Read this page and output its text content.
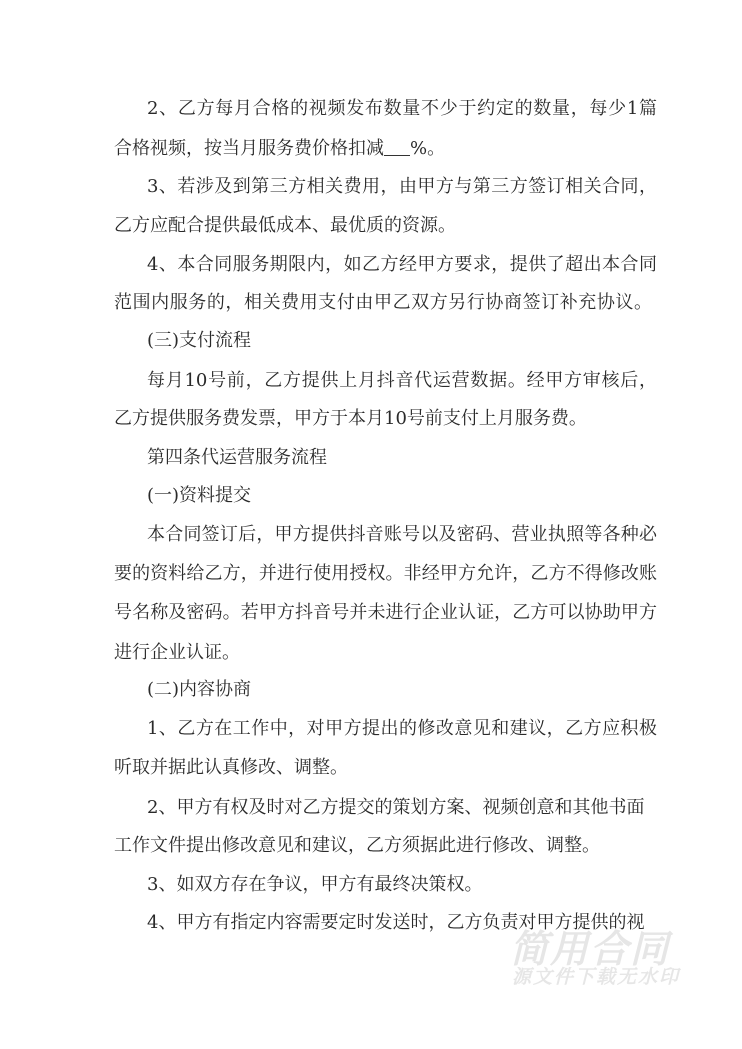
2、乙方每月合格的视频发布数量不少于约定的数量，每少1篇
合格视频，按当月服务费价格扣减 %。
3、若涉及到第三方相关费用，由甲方与第三方签订相关合同，
乙方应配合提供最低成本、最优质的资源。
4、本合同服务期限内，如乙方经甲方要求，提供了超出本合同
范围内服务的，相关费用支付由甲乙双方另行协商签订补充协议。
(三)支付流程
每月10号前，乙方提供上月抖音代运营数据。经甲方审核后，
乙方提供服务费发票，甲方于本月10号前支付上月服务费。
第四条代运营服务流程
(一)资料提交
本合同签订后，甲方提供抖音账号以及密码、营业执照等各种必
要的资料给乙方，并进行使用授权。非经甲方允许，乙方不得修改账
号名称及密码。若甲方抖音号并未进行企业认证，乙方可以协助甲方
进行企业认证。
(二)内容协商
1、乙方在工作中，对甲方提出的修改意见和建议，乙方应积极
听取并据此认真修改、调整。
2、甲方有权及时对乙方提交的策划方案、视频创意和其他书面
工作文件提出修改意见和建议，乙方须据此进行修改、调整。
3、如双方存在争议，甲方有最终决策权。
4、甲方有指定内容需要定时发送时，乙方负责对甲方提供的视
简用合同
源文件下载无水印
